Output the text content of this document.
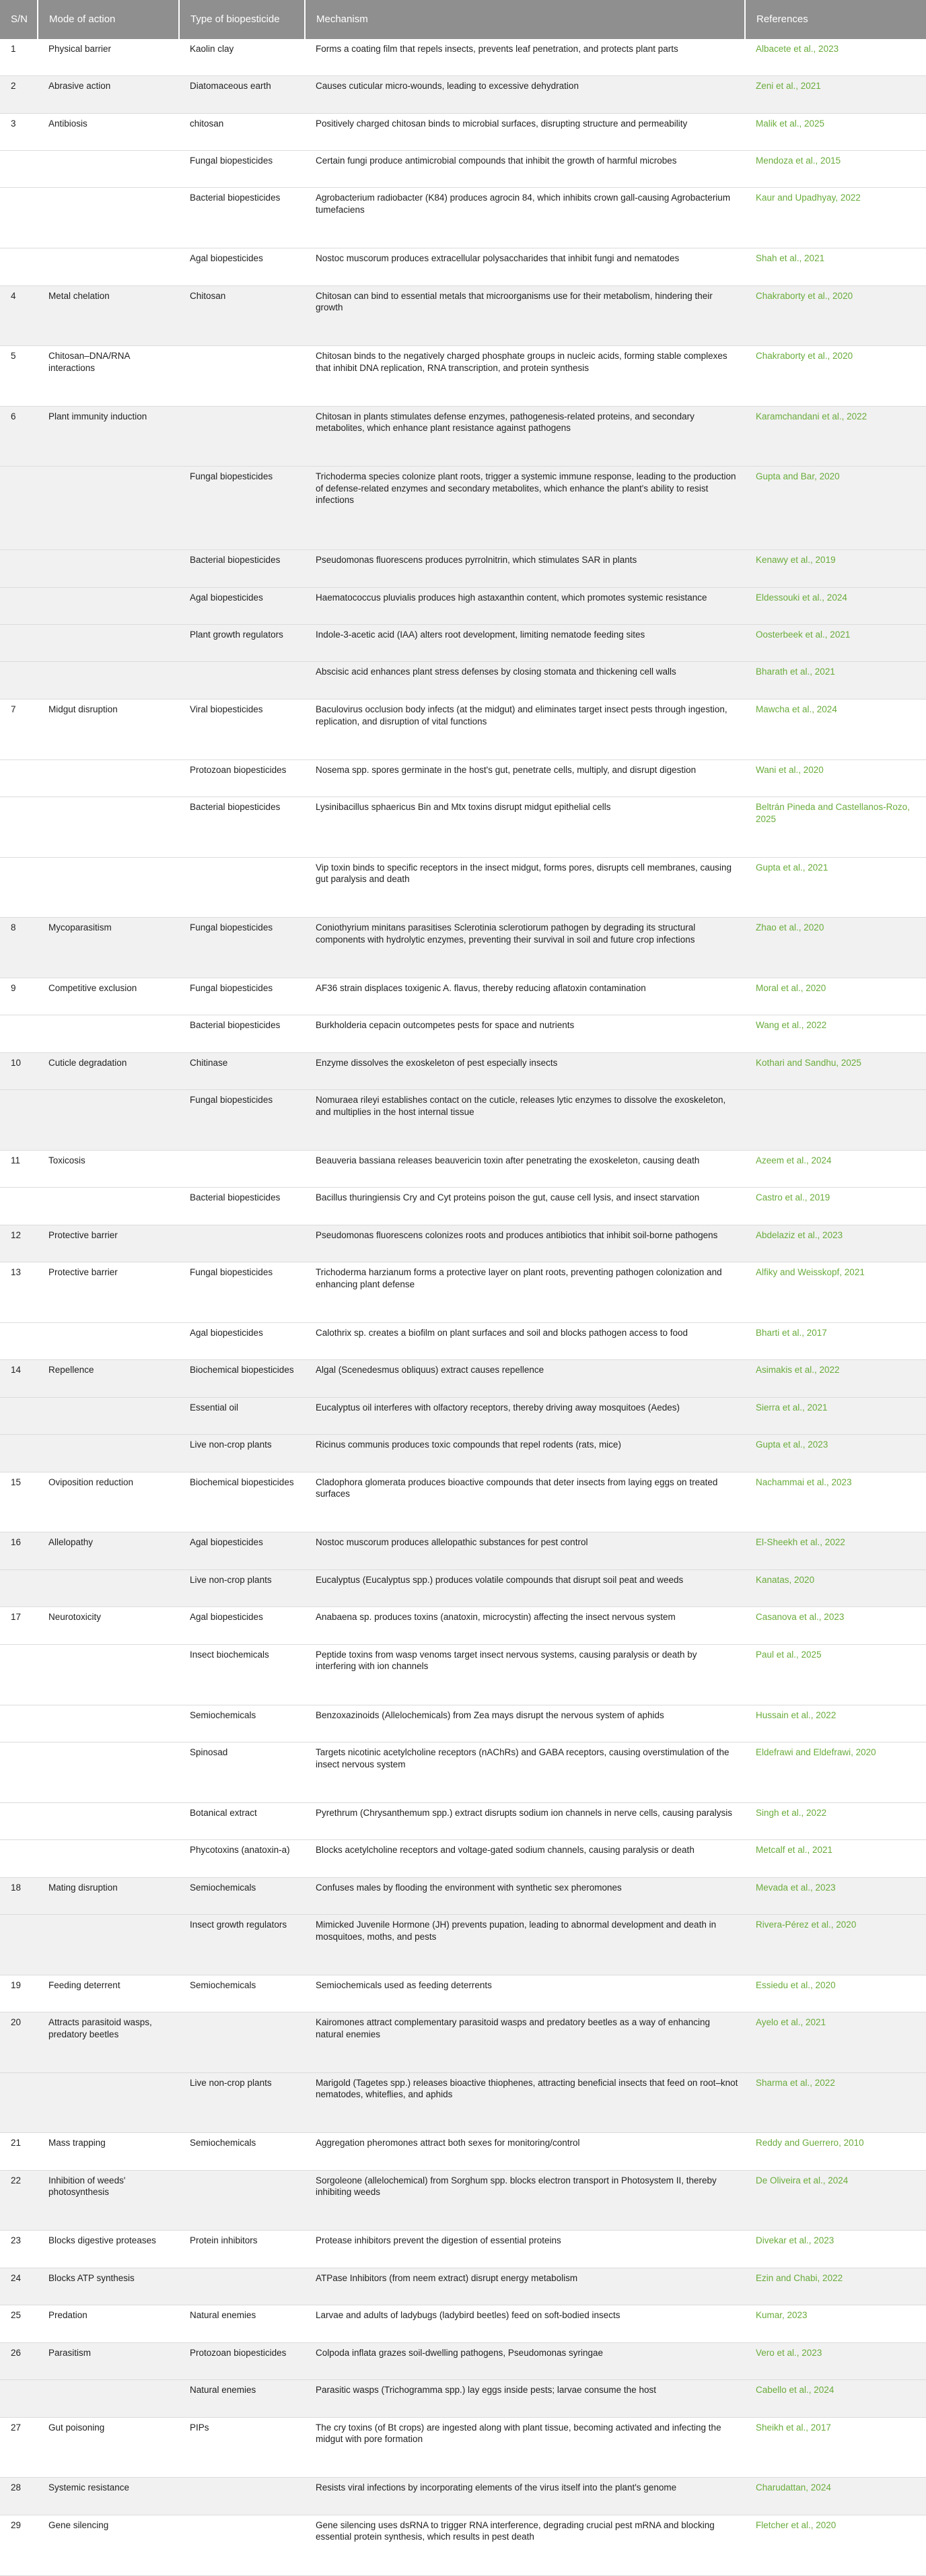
S/N	Mode of action	Type of biopesticide	Mechanism	References
1	Physical barrier	Kaolin clay	Forms a coating film that repels insects, prevents leaf penetration, and protects plant parts	Albacete et al., 2023
2	Abrasive action	Diatomaceous earth	Causes cuticular micro-wounds, leading to excessive dehydration	Zeni et al., 2021
3	Antibiosis	chitosan	Positively charged chitosan binds to microbial surfaces, disrupting structure and permeability	Malik et al., 2025
		Fungal biopesticides	Certain fungi produce antimicrobial compounds that inhibit the growth of harmful microbes	Mendoza et al., 2015
		Bacterial biopesticides	Agrobacterium radiobacter (K84) produces agrocin 84, which inhibits crown gall-causing Agrobacterium tumefaciens	Kaur and Upadhyay, 2022
		Agal biopesticides	Nostoc muscorum produces extracellular polysaccharides that inhibit fungi and nematodes	Shah et al., 2021
4	Metal chelation	Chitosan	Chitosan can bind to essential metals that microorganisms use for their metabolism, hindering their growth	Chakraborty et al., 2020
5	Chitosan–DNA/RNA interactions		Chitosan binds to the negatively charged phosphate groups in nucleic acids, forming stable complexes that inhibit DNA replication, RNA transcription, and protein synthesis	Chakraborty et al., 2020
6	Plant immunity induction		Chitosan in plants stimulates defense enzymes, pathogenesis-related proteins, and secondary metabolites, which enhance plant resistance against pathogens	Karamchandani et al., 2022
		Fungal biopesticides	Trichoderma species colonize plant roots, trigger a systemic immune response, leading to the production of defense-related enzymes and secondary metabolites, which enhance the plant's ability to resist infections	Gupta and Bar, 2020
		Bacterial biopesticides	Pseudomonas fluorescens produces pyrrolnitrin, which stimulates SAR in plants	Kenawy et al., 2019
		Agal biopesticides	Haematococcus pluvialis produces high astaxanthin content, which promotes systemic resistance	Eldessouki et al., 2024
		Plant growth regulators	Indole-3-acetic acid (IAA) alters root development, limiting nematode feeding sites	Oosterbeek et al., 2021
			Abscisic acid enhances plant stress defenses by closing stomata and thickening cell walls	Bharath et al., 2021
7	Midgut disruption	Viral biopesticides	Baculovirus occlusion body infects (at the midgut) and eliminates target insect pests through ingestion, replication, and disruption of vital functions	Mawcha et al., 2024
		Protozoan biopesticides	Nosema spp. spores germinate in the host's gut, penetrate cells, multiply, and disrupt digestion	Wani et al., 2020
		Bacterial biopesticides	Lysinibacillus sphaericus Bin and Mtx toxins disrupt midgut epithelial cells	Beltrán Pineda and Castellanos-Rozo, 2025
			Vip toxin binds to specific receptors in the insect midgut, forms pores, disrupts cell membranes, causing gut paralysis and death	Gupta et al., 2021
8	Mycoparasitism	Fungal biopesticides	Coniothyrium minitans parasitises Sclerotinia sclerotiorum pathogen by degrading its structural components with hydrolytic enzymes, preventing their survival in soil and future crop infections	Zhao et al., 2020
9	Competitive exclusion	Fungal biopesticides	AF36 strain displaces toxigenic A. flavus, thereby reducing aflatoxin contamination	Moral et al., 2020
		Bacterial biopesticides	Burkholderia cepacin outcompetes pests for space and nutrients	Wang et al., 2022
10	Cuticle degradation	Chitinase	Enzyme dissolves the exoskeleton of pest especially insects	Kothari and Sandhu, 2025
		Fungal biopesticides	Nomuraea rileyi establishes contact on the cuticle, releases lytic enzymes to dissolve the exoskeleton, and multiplies in the host internal tissue	
11	Toxicosis		Beauveria bassiana releases beauvericin toxin after penetrating the exoskeleton, causing death	Azeem et al., 2024
		Bacterial biopesticides	Bacillus thuringiensis Cry and Cyt proteins poison the gut, cause cell lysis, and insect starvation	Castro et al., 2019
12	Protective barrier		Pseudomonas fluorescens colonizes roots and produces antibiotics that inhibit soil-borne pathogens	Abdelaziz et al., 2023
13	Protective barrier	Fungal biopesticides	Trichoderma harzianum forms a protective layer on plant roots, preventing pathogen colonization and enhancing plant defense	Alfiky and Weisskopf, 2021
		Agal biopesticides	Calothrix sp. creates a biofilm on plant surfaces and soil and blocks pathogen access to food	Bharti et al., 2017
14	Repellence	Biochemical biopesticides	Algal (Scenedesmus obliquus) extract causes repellence	Asimakis et al., 2022
		Essential oil	Eucalyptus oil interferes with olfactory receptors, thereby driving away mosquitoes (Aedes)	Sierra et al., 2021
		Live non-crop plants	Ricinus communis produces toxic compounds that repel rodents (rats, mice)	Gupta et al., 2023
15	Oviposition reduction	Biochemical biopesticides	Cladophora glomerata produces bioactive compounds that deter insects from laying eggs on treated surfaces	Nachammai et al., 2023
16	Allelopathy	Agal biopesticides	Nostoc muscorum produces allelopathic substances for pest control	El-Sheekh et al., 2022
		Live non-crop plants	Eucalyptus (Eucalyptus spp.) produces volatile compounds that disrupt soil peat and weeds	Kanatas, 2020
17	Neurotoxicity	Agal biopesticides	Anabaena sp. produces toxins (anatoxin, microcystin) affecting the insect nervous system	Casanova et al., 2023
		Insect biochemicals	Peptide toxins from wasp venoms target insect nervous systems, causing paralysis or death by interfering with ion channels	Paul et al., 2025
		Semiochemicals	Benzoxazinoids (Allelochemicals) from Zea mays disrupt the nervous system of aphids	Hussain et al., 2022
		Spinosad	Targets nicotinic acetylcholine receptors (nAChRs) and GABA receptors, causing overstimulation of the insect nervous system	Eldefrawi and Eldefrawi, 2020
		Botanical extract	Pyrethrum (Chrysanthemum spp.) extract disrupts sodium ion channels in nerve cells, causing paralysis	Singh et al., 2022
		Phycotoxins (anatoxin-a)	Blocks acetylcholine receptors and voltage-gated sodium channels, causing paralysis or death	Metcalf et al., 2021
18	Mating disruption	Semiochemicals	Confuses males by flooding the environment with synthetic sex pheromones	Mevada et al., 2023
		Insect growth regulators	Mimicked Juvenile Hormone (JH) prevents pupation, leading to abnormal development and death in mosquitoes, moths, and pests	Rivera-Pérez et al., 2020
19	Feeding deterrent	Semiochemicals	Semiochemicals used as feeding deterrents	Essiedu et al., 2020
20	Attracts parasitoid wasps, predatory beetles		Kairomones attract complementary parasitoid wasps and predatory beetles as a way of enhancing natural enemies	Ayelo et al., 2021
		Live non-crop plants	Marigold (Tagetes spp.) releases bioactive thiophenes, attracting beneficial insects that feed on root–knot nematodes, whiteflies, and aphids	Sharma et al., 2022
21	Mass trapping	Semiochemicals	Aggregation pheromones attract both sexes for monitoring/control	Reddy and Guerrero, 2010
22	Inhibition of weeds' photosynthesis		Sorgoleone (allelochemical) from Sorghum spp. blocks electron transport in Photosystem II, thereby inhibiting weeds	De Oliveira et al., 2024
23	Blocks digestive proteases	Protein inhibitors	Protease inhibitors prevent the digestion of essential proteins	Divekar et al., 2023
24	Blocks ATP synthesis		ATPase Inhibitors (from neem extract) disrupt energy metabolism	Ezin and Chabi, 2022
25	Predation	Natural enemies	Larvae and adults of ladybugs (ladybird beetles) feed on soft-bodied insects	Kumar, 2023
26	Parasitism	Protozoan biopesticides	Colpoda inflata grazes soil-dwelling pathogens, Pseudomonas syringae	Vero et al., 2023
		Natural enemies	Parasitic wasps (Trichogramma spp.) lay eggs inside pests; larvae consume the host	Cabello et al., 2024
27	Gut poisoning	PIPs	The cry toxins (of Bt crops) are ingested along with plant tissue, becoming activated and infecting the midgut with pore formation	Sheikh et al., 2017
28	Systemic resistance		Resists viral infections by incorporating elements of the virus itself into the plant's genome	Charudattan, 2024
29	Gene silencing		Gene silencing uses dsRNA to trigger RNA interference, degrading crucial pest mRNA and blocking essential protein synthesis, which results in pest death	Fletcher et al., 2020
